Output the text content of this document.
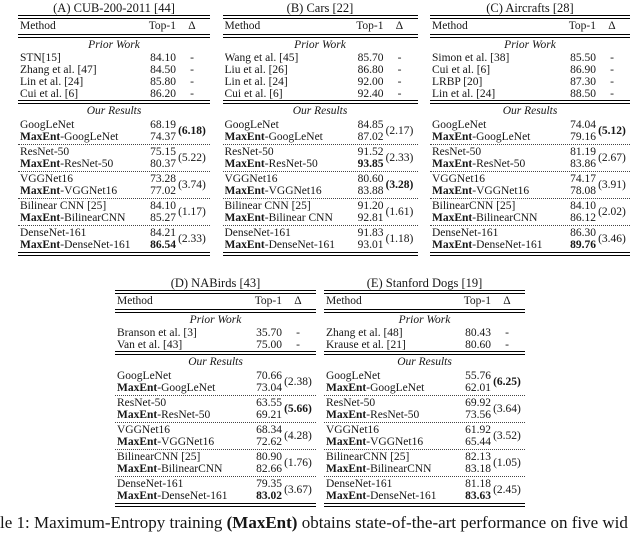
(A) CUB-200-2011 [44]
Method	Top-1	Δ
Prior Work
STN[15]	84.10	-
Zhang et al. [47]	84.50	-
Lin et al. [24]	85.80	-
Cui et al. [6]	86.20	-
Our Results
GoogLeNet	68.19
MaxEnt-GoogLeNet	74.37 (6.18)
ResNet-50	75.15
MaxEnt-ResNet-50	80.37 (5.22)
VGGNet16	73.28
MaxEnt-VGGNet16	77.02 (3.74)
Bilinear CNN [25]	84.10
MaxEnt-BilinearCNN	85.27 (1.17)
DenseNet-161	84.21
MaxEnt-DenseNet-161	86.54 (2.33)
(B) Cars [22]
Method	Top-1	Δ
Prior Work
Wang et al. [45]	85.70	-
Liu et al. [26]	86.80	-
Lin et al. [24]	92.00	-
Cui et al. [6]	92.40	-
Our Results
GoogLeNet	84.85
MaxEnt-GoogLeNet	87.02 (2.17)
ResNet-50	91.52
MaxEnt-ResNet-50	93.85 (2.33)
VGGNet16	80.60
MaxEnt-VGGNet16	83.88 (3.28)
Bilinear CNN [25]	91.20
MaxEnt-Bilinear CNN	92.81 (1.61)
DenseNet-161	91.83
MaxEnt-DenseNet-161	93.01 (1.18)
(C) Aircrafts [28]
Method	Top-1	Δ
Prior Work
Simon et al. [38]	85.50	-
Cui et al. [6]	86.90	-
LRBP [20]	87.30	-
Lin et al. [24]	88.50	-
Our Results
GoogLeNet	74.04
MaxEnt-GoogLeNet	79.16 (5.12)
ResNet-50	81.19
MaxEnt-ResNet-50	83.86 (2.67)
VGGNet16	74.17
MaxEnt-VGGNet16	78.08 (3.91)
BilinearCNN [25]	84.10
MaxEnt-BilinearCNN	86.12 (2.02)
DenseNet-161	86.30
MaxEnt-DenseNet-161	89.76 (3.46)
(D) NABirds [43]
Method	Top-1	Δ
Prior Work
Branson et al. [3]	35.70	-
Van et al. [43]	75.00	-
Our Results
GoogLeNet	70.66
MaxEnt-GoogLeNet	73.04 (2.38)
ResNet-50	63.55
MaxEnt-ResNet-50	69.21 (5.66)
VGGNet16	68.34
MaxEnt-VGGNet16	72.62 (4.28)
BilinearCNN [25]	80.90
MaxEnt-BilinearCNN	82.66 (1.76)
DenseNet-161	79.35
MaxEnt-DenseNet-161	83.02 (3.67)
(E) Stanford Dogs [19]
Method	Top-1	Δ
Prior Work
Zhang et al. [48]	80.43	-
Krause et al. [21]	80.60	-
Our Results
GoogLeNet	55.76
MaxEnt-GoogLeNet	62.01 (6.25)
ResNet-50	69.92
MaxEnt-ResNet-50	73.56 (3.64)
VGGNet16	61.92
MaxEnt-VGGNet16	65.44 (3.52)
BilinearCNN [25]	82.13
MaxEnt-BilinearCNN	83.18 (1.05)
DenseNet-161	81.18
MaxEnt-DenseNet-161	83.63 (2.45)
le 1: Maximum-Entropy training (MaxEnt) obtains state-of-the-art performance on five wid
